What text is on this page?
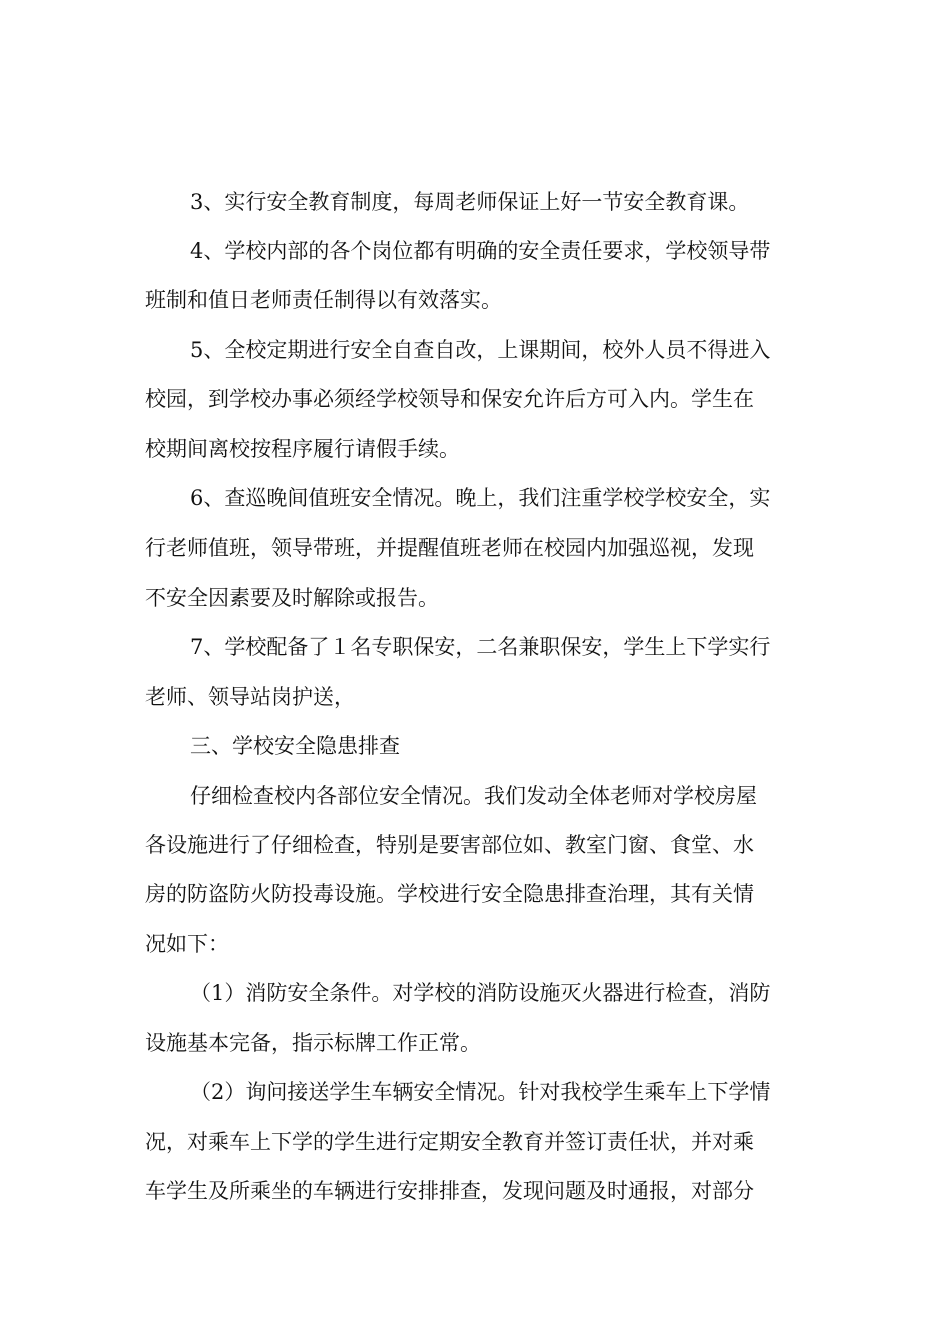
3、实行安全教育制度，每周老师保证上好一节安全教育课。
4、学校内部的各个岗位都有明确的安全责任要求，学校领导带
班制和值日老师责任制得以有效落实。
5、全校定期进行安全自查自改，上课期间，校外人员不得进入
校园，到学校办事必须经学校领导和保安允许后方可入内。学生在
校期间离校按程序履行请假手续。
6、查巡晚间值班安全情况。晚上，我们注重学校学校安全，实
行老师值班，领导带班，并提醒值班老师在校园内加强巡视，发现
不安全因素要及时解除或报告。
7、学校配备了１名专职保安，二名兼职保安，学生上下学实行
老师、领导站岗护送，
三、学校安全隐患排查
仔细检查校内各部位安全情况。我们发动全体老师对学校房屋
各设施进行了仔细检查，特别是要害部位如、教室门窗、食堂、水
房的防盗防火防投毒设施。学校进行安全隐患排查治理，其有关情
况如下：
（1）消防安全条件。对学校的消防设施灭火器进行检查，消防
设施基本完备，指示标牌工作正常。
（2）询问接送学生车辆安全情况。针对我校学生乘车上下学情
况，对乘车上下学的学生进行定期安全教育并签订责任状，并对乘
车学生及所乘坐的车辆进行安排排查，发现问题及时通报，对部分
